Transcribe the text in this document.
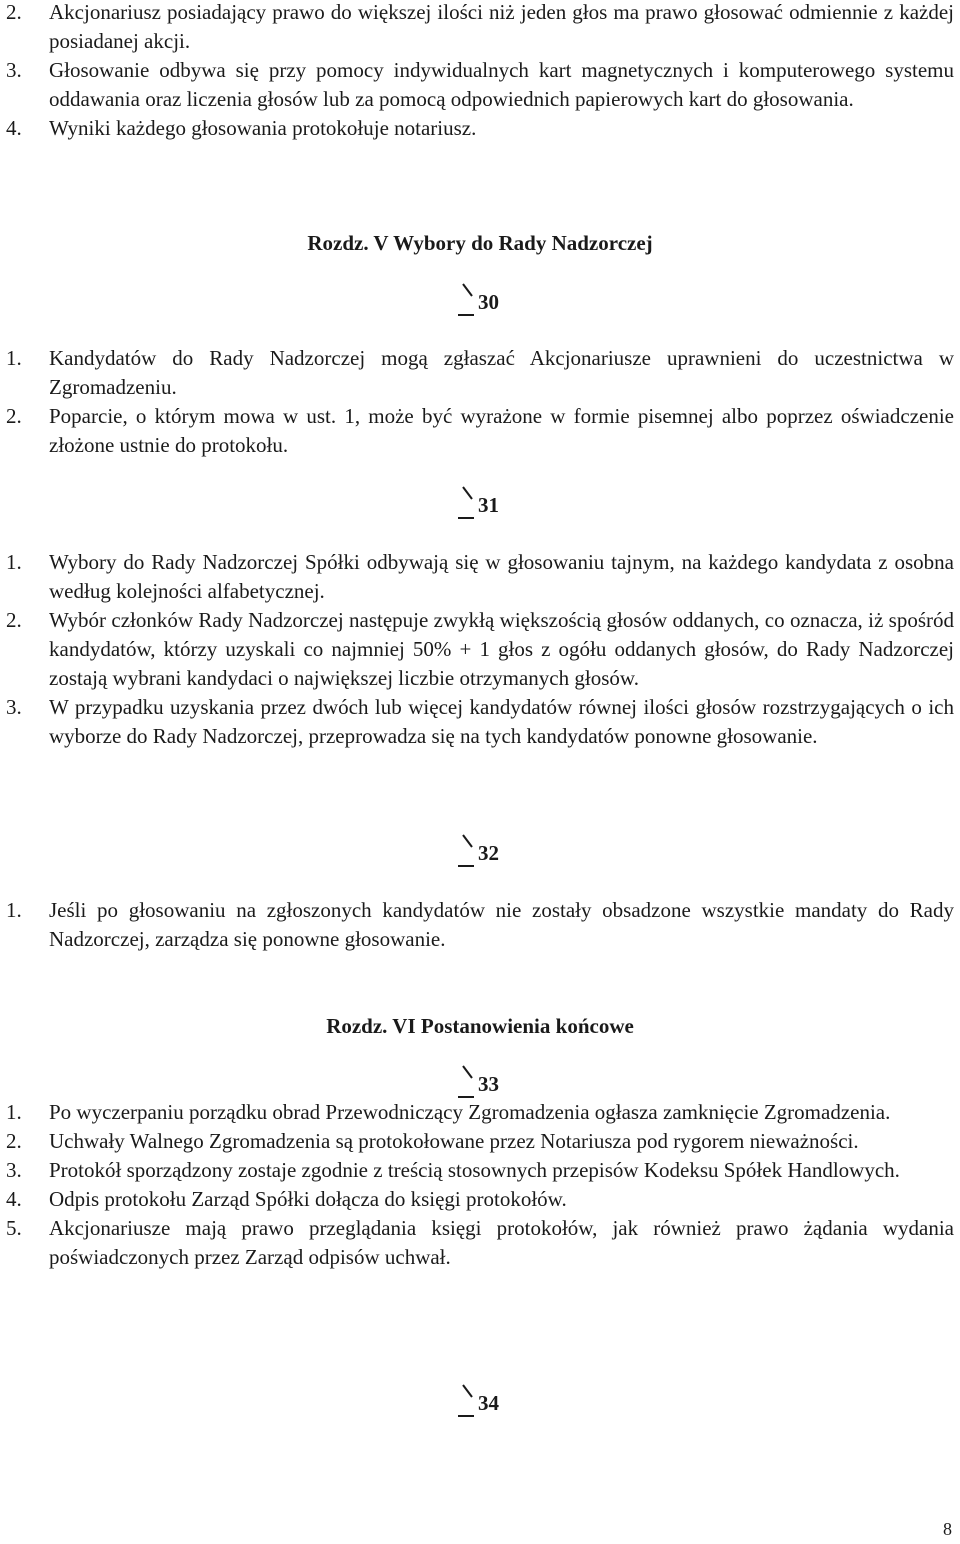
2. Akcjonariusz posiadający prawo do większej ilości niż jeden głos ma prawo głosować odmiennie z każdej posiadanej akcji.
3. Głosowanie odbywa się przy pomocy indywidualnych kart magnetycznych i komputerowego systemu oddawania oraz liczenia głosów lub za pomocą odpowiednich papierowych kart do głosowania.
4. Wyniki każdego głosowania protokołuje notariusz.
Rozdz. V Wybory do Rady Nadzorczej
30
1. Kandydatów do Rady Nadzorczej mogą zgłaszać Akcjonariusze uprawnieni do uczestnictwa w Zgromadzeniu.
2. Poparcie, o którym mowa w ust. 1, może być wyrażone w formie pisemnej albo poprzez oświadczenie złożone ustnie do protokołu.
31
1. Wybory do Rady Nadzorczej Spółki odbywają się w głosowaniu tajnym, na każdego kandydata z osobna według kolejności alfabetycznej.
2. Wybór członków Rady Nadzorczej następuje zwykłą większością głosów oddanych, co oznacza, iż spośród kandydatów, którzy uzyskali co najmniej 50% + 1 głos z ogółu oddanych głosów, do Rady Nadzorczej zostają wybrani kandydaci o największej liczbie otrzymanych głosów.
3. W przypadku uzyskania przez dwóch lub więcej kandydatów równej ilości głosów rozstrzygających o ich wyborze do Rady Nadzorczej, przeprowadza się na tych kandydatów ponowne głosowanie.
32
1. Jeśli po głosowaniu na zgłoszonych kandydatów nie zostały obsadzone wszystkie mandaty do Rady Nadzorczej, zarządza się ponowne głosowanie.
Rozdz. VI Postanowienia końcowe
33
1. Po wyczerpaniu porządku obrad Przewodniczący Zgromadzenia ogłasza zamknięcie Zgromadzenia.
2. Uchwały Walnego Zgromadzenia są protokołowane przez Notariusza pod rygorem nieważności.
3. Protokół sporządzony zostaje zgodnie z treścią stosownych przepisów Kodeksu Spółek Handlowych.
4. Odpis protokołu Zarząd Spółki dołącza do księgi protokołów.
5. Akcjonariusze mają prawo przeglądania księgi protokołów, jak również prawo żądania wydania poświadczonych przez Zarząd odpisów uchwał.
34
8
